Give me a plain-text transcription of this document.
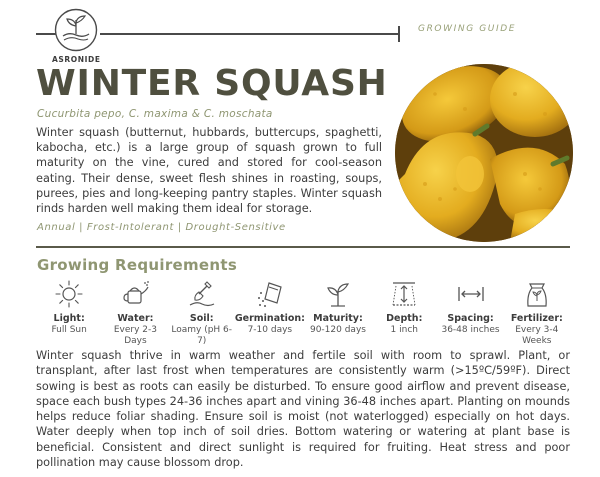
ASRONIDE
GROWING GUIDE
WINTER SQUASH
Cucurbita pepo, C. maxima & C. moschata

Winter squash (butternut, hubbards, buttercups, spaghetti, kabocha, etc.) is a large group of squash grown to full maturity on the vine, cured and stored for cool-season eating. Their dense, sweet flesh shines in roasting, soups, purees, pies and long-keeping pantry staples. Winter squash rinds harden well making them ideal for storage.

Annual | Frost-Intolerant | Drought-Sensitive
Growing Requirements
Light:
Full Sun
Water:
Every 2-3 Days
Soil:
Loamy (pH 6-7)
Germination:
7-10 days
Maturity:
90-120 days
Depth:
1 inch
Spacing:
36-48 inches
Fertilizer:
Every 3-4 Weeks

Winter squash thrive in warm weather and fertile soil with room to sprawl. Plant, or transplant, after last frost when temperatures are consistently warm (>15ºC/59ºF). Direct sowing is best as roots can easily be disturbed. To ensure good airflow and prevent disease, space each bush types 24-36 inches apart and vining 36-48 inches apart. Planting on mounds helps reduce foliar shading. Ensure soil is moist (not waterlogged) especially on hot days. Water deeply when top inch of soil dries. Bottom watering or watering at plant base is beneficial. Consistent and direct sunlight is required for fruiting. Heat stress and poor pollination may cause blossom drop.
